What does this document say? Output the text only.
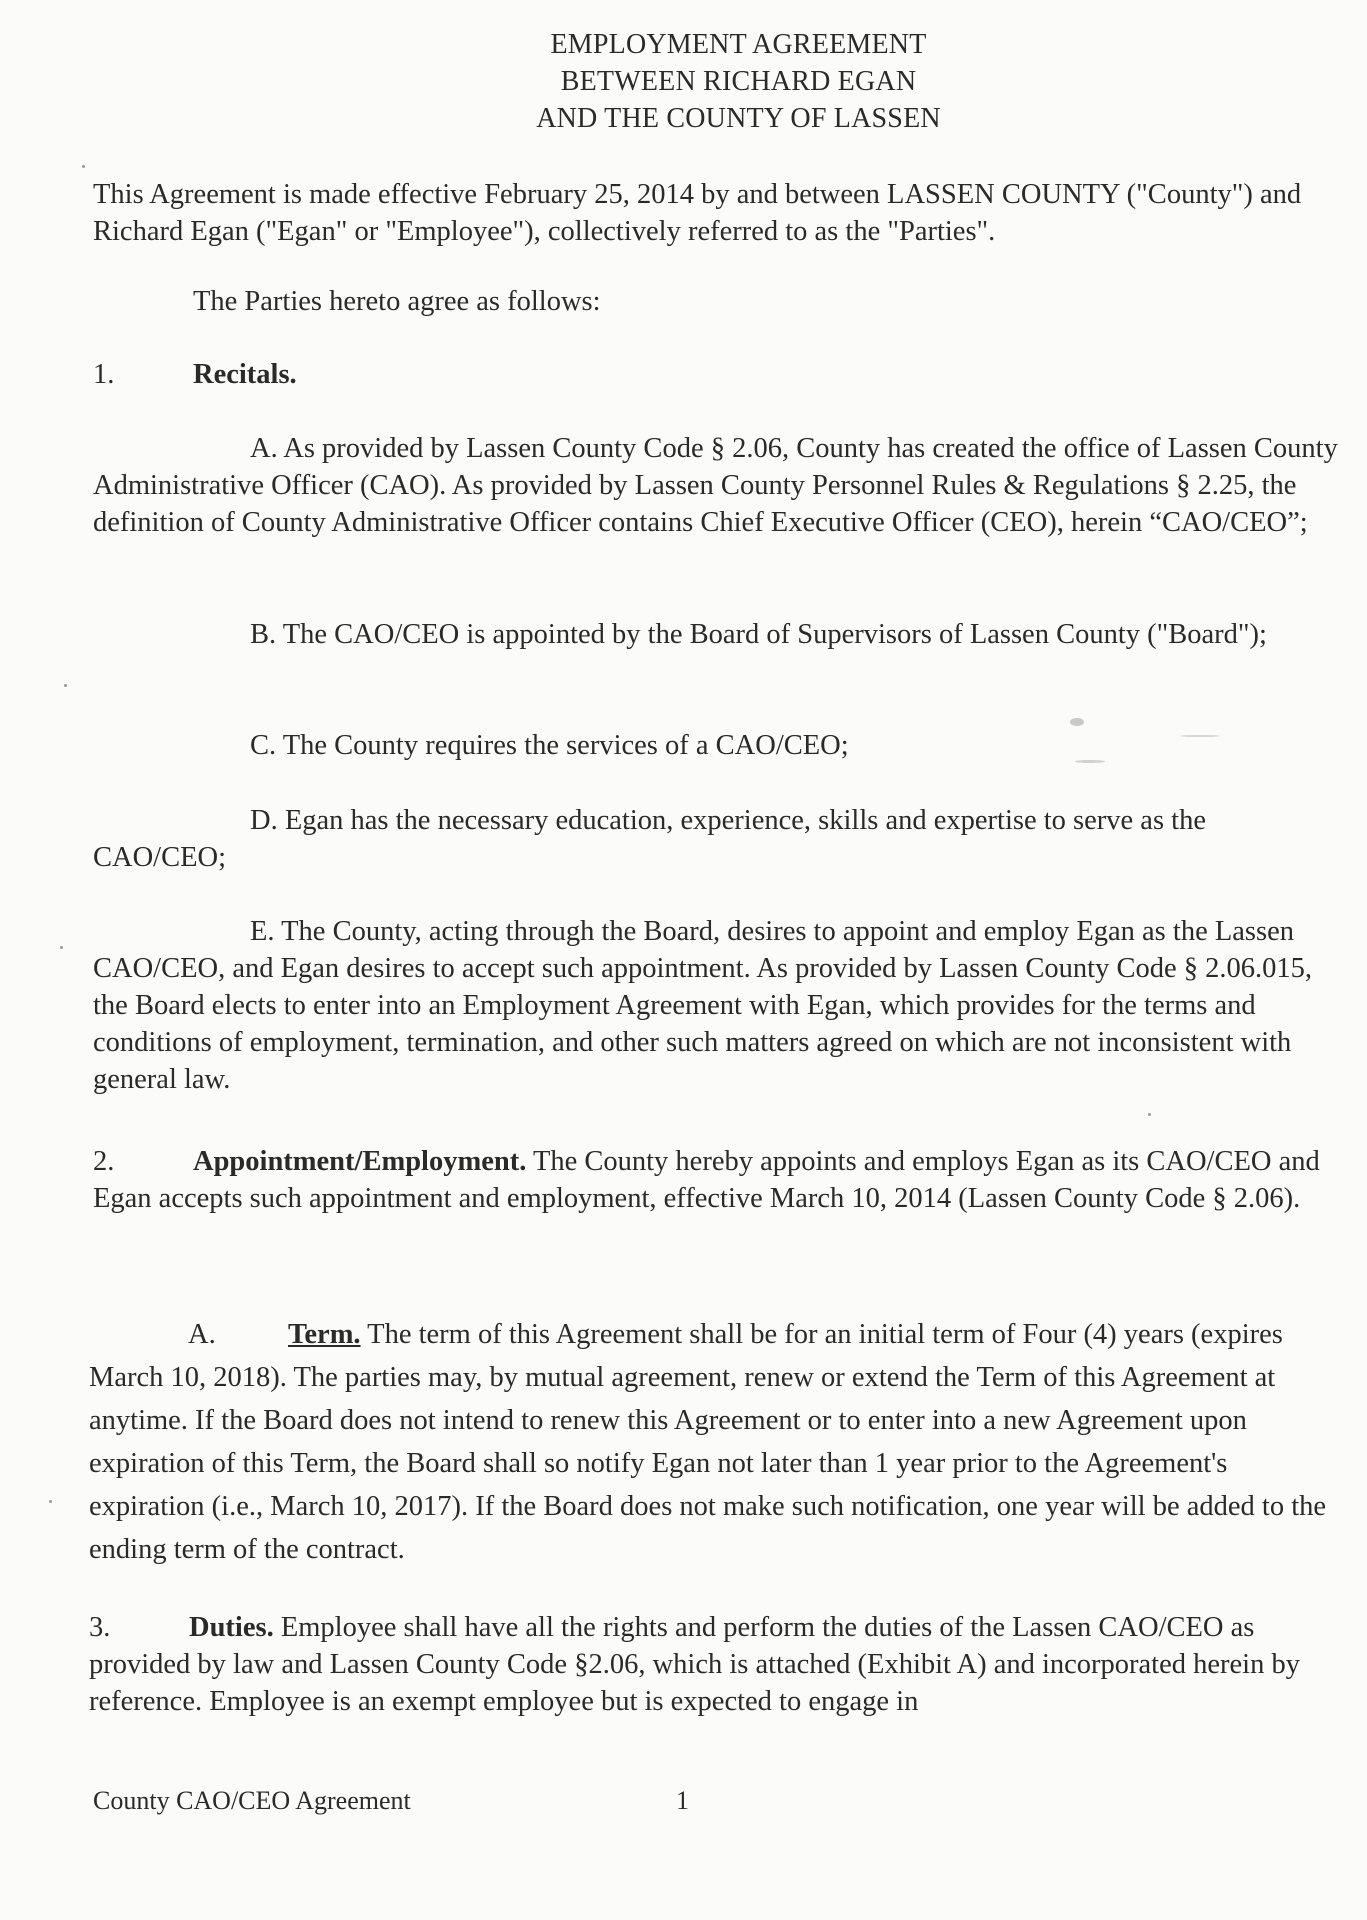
EMPLOYMENT AGREEMENT
BETWEEN RICHARD EGAN
AND THE COUNTY OF LASSEN

This Agreement is made effective February 25, 2014 by and between LASSEN COUNTY ("County") and Richard Egan ("Egan" or "Employee"), collectively referred to as the "Parties".

The Parties hereto agree as follows:

1.	Recitals.

A. As provided by Lassen County Code § 2.06, County has created the office of Lassen County Administrative Officer (CAO). As provided by Lassen County Personnel Rules & Regulations § 2.25, the definition of County Administrative Officer contains Chief Executive Officer (CEO), herein “CAO/CEO”;

B. The CAO/CEO is appointed by the Board of Supervisors of Lassen County ("Board");

C. The County requires the services of a CAO/CEO;

D. Egan has the necessary education, experience, skills and expertise to serve as the CAO/CEO;

E. The County, acting through the Board, desires to appoint and employ Egan as the Lassen CAO/CEO, and Egan desires to accept such appointment. As provided by Lassen County Code § 2.06.015, the Board elects to enter into an Employment Agreement with Egan, which provides for the terms and conditions of employment, termination, and other such matters agreed on which are not inconsistent with general law.

2.	Appointment/Employment. The County hereby appoints and employs Egan as its CAO/CEO and Egan accepts such appointment and employment, effective March 10, 2014 (Lassen County Code § 2.06).

A.	Term. The term of this Agreement shall be for an initial term of Four (4) years (expires March 10, 2018). The parties may, by mutual agreement, renew or extend the Term of this Agreement at anytime. If the Board does not intend to renew this Agreement or to enter into a new Agreement upon expiration of this Term, the Board shall so notify Egan not later than 1 year prior to the Agreement's expiration (i.e., March 10, 2017). If the Board does not make such notification, one year will be added to the ending term of the contract.

3.	Duties. Employee shall have all the rights and perform the duties of the Lassen CAO/CEO as provided by law and Lassen County Code §2.06, which is attached (Exhibit A) and incorporated herein by reference. Employee is an exempt employee but is expected to engage in

County CAO/CEO Agreement	1
